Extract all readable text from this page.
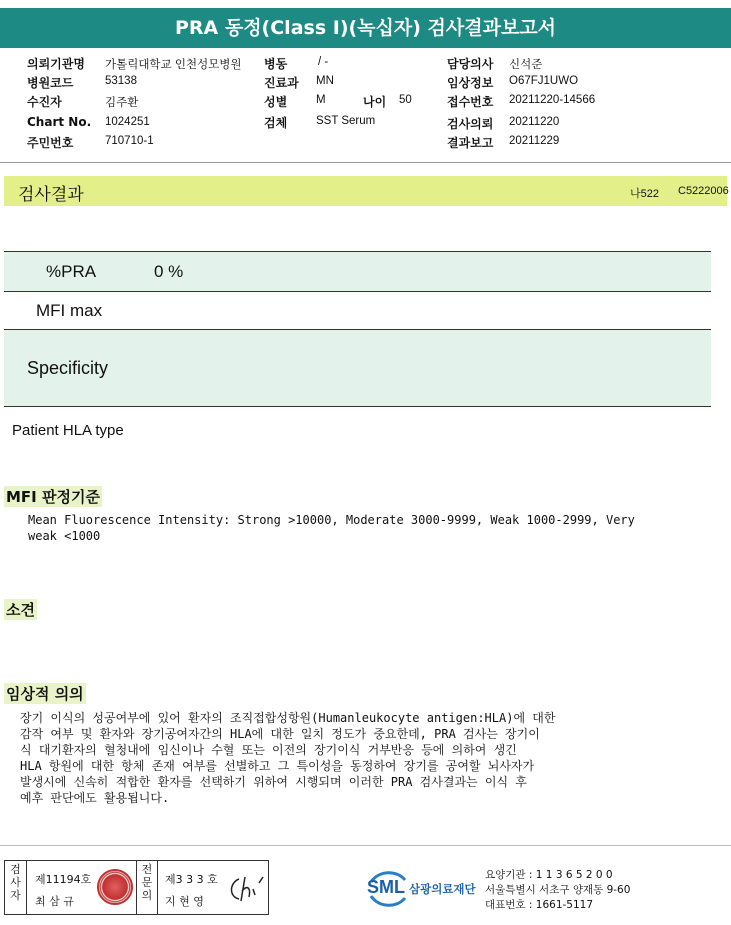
PRA 동정(Class I)(녹십자) 검사결과보고서
의뢰기관명 가톨릭대학교 인천성모병원 병동	/ -	담당의사 신석준
병원코드	53138	진료과 MN	임상정보 O67FJ1UWO
수진자	김주환	성별	M	나이 50	접수번호 20211220-14566
Chart No. 1024251	검체	SST Serum	검사의뢰 20211220
주민번호	710710-1	결과보고 20211229
검사결과	나522 C5222006
%PRA	0 %
MFI max
Specificity
Patient HLA type
MFI 판정기준
Mean Fluorescence Intensity: Strong >10000, Moderate 3000-9999, Weak 1000-2999, Very
weak <1000
소견
임상적 의의
장기 이식의 성공여부에 있어 환자의 조직접합성항원(Humanleukocyte antigen:HLA)에 대한
감작 여부 및 환자와 장기공여자간의 HLA에 대한 일치 정도가 중요한데, PRA 검사는 장기이
식 대기환자의 혈청내에 임신이나 수혈 또는 이전의 장기이식 거부반응 등에 의하여 생긴
HLA 항원에 대한 항체 존재 여부를 선별하고 그 특이성을 동정하여 장기를 공여할 뇌사자가
발생시에 신속히 적합한 환자를 선택하기 위하여 시행되며 이러한 PRA 검사결과는 이식 후
예후 판단에도 활용됩니다.
검사자
제11194호
최 삼 규
전문의
제3 3 3 호
지 현 영
SML 삼광의료재단
요양기관 : 1 1 3 6 5 2 0 0
서울특별시 서초구 양재동 9-60
대표번호 : 1661-5117
